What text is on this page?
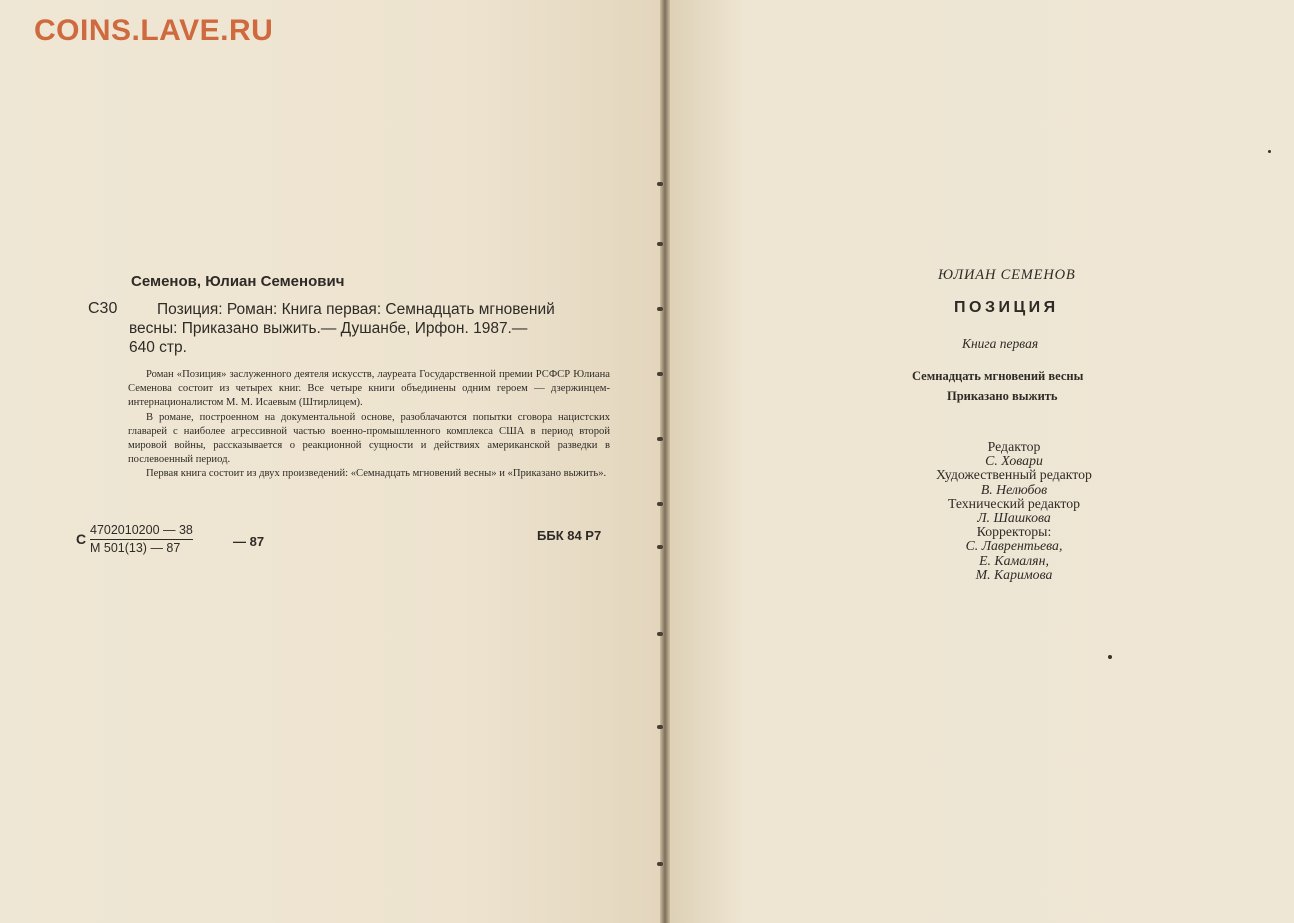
COINS.LAVE.RU
Семенов, Юлиан Семенович
С30	Позиция: Роман: Книга первая: Семнадцать мгновений
весны: Приказано выжить.— Душанбе, Ирфон. 1987.—
640 стр.

Роман «Позиция» заслуженного деятеля искусств, лауреата Государственной премии РСФСР Юлиана Семенова состоит из четырех книг. Все четыре книги объединены одним героем — дзержинцем-интернационалистом М. М. Исаевым (Штирлицем).

В романе, построенном на документальной основе, разоблачаются попытки сговора нацистских главарей с наиболее агрессивной частью военно-промышленного комплекса США в период второй мировой войны, рассказывается о реакционной сущности и действиях американской разведки в послевоенный период.

Первая книга состоит из двух произведений: «Семнадцать мгновений весны» и «Приказано выжить».

С
4702010200 — 38
М 501(13) — 87	— 87	ББК 84 Р7
ЮЛИАН СЕМЕНОВ
ПОЗИЦИЯ
Книга первая
Семнадцать мгновений весны
Приказано выжить
Редактор
С. Ховари
Художественный редактор
В. Нелюбов
Технический редактор
Л. Шашкова
Корректоры:
С. Лаврентьева,
Е. Камалян,
М. Каримова
